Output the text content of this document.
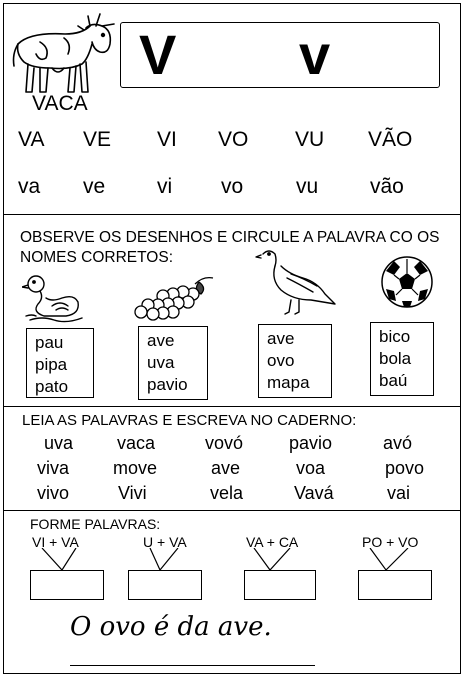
V v
VACA
VA VE VI VO VU VÃO
va ve vi vo	vu vão
OBSERVE OS DESENHOS E CIRCULE A PALAVRA CO OS NOMES CORRETOS:
pau
pipa
pato
ave
uva
pavio
ave
ovo
mapa
bico
bola
baú
LEIA AS PALAVRAS E ESCREVA NO CADERNO:
uva vaca	vovó	pavio	avó
viva move	ave	voa	povo
vivo	Vivi	vela	Vavá	vai
FORME PALAVRAS:
VI + VA	U + VA	VA + CA	PO + VO
O ovo é da ave.
